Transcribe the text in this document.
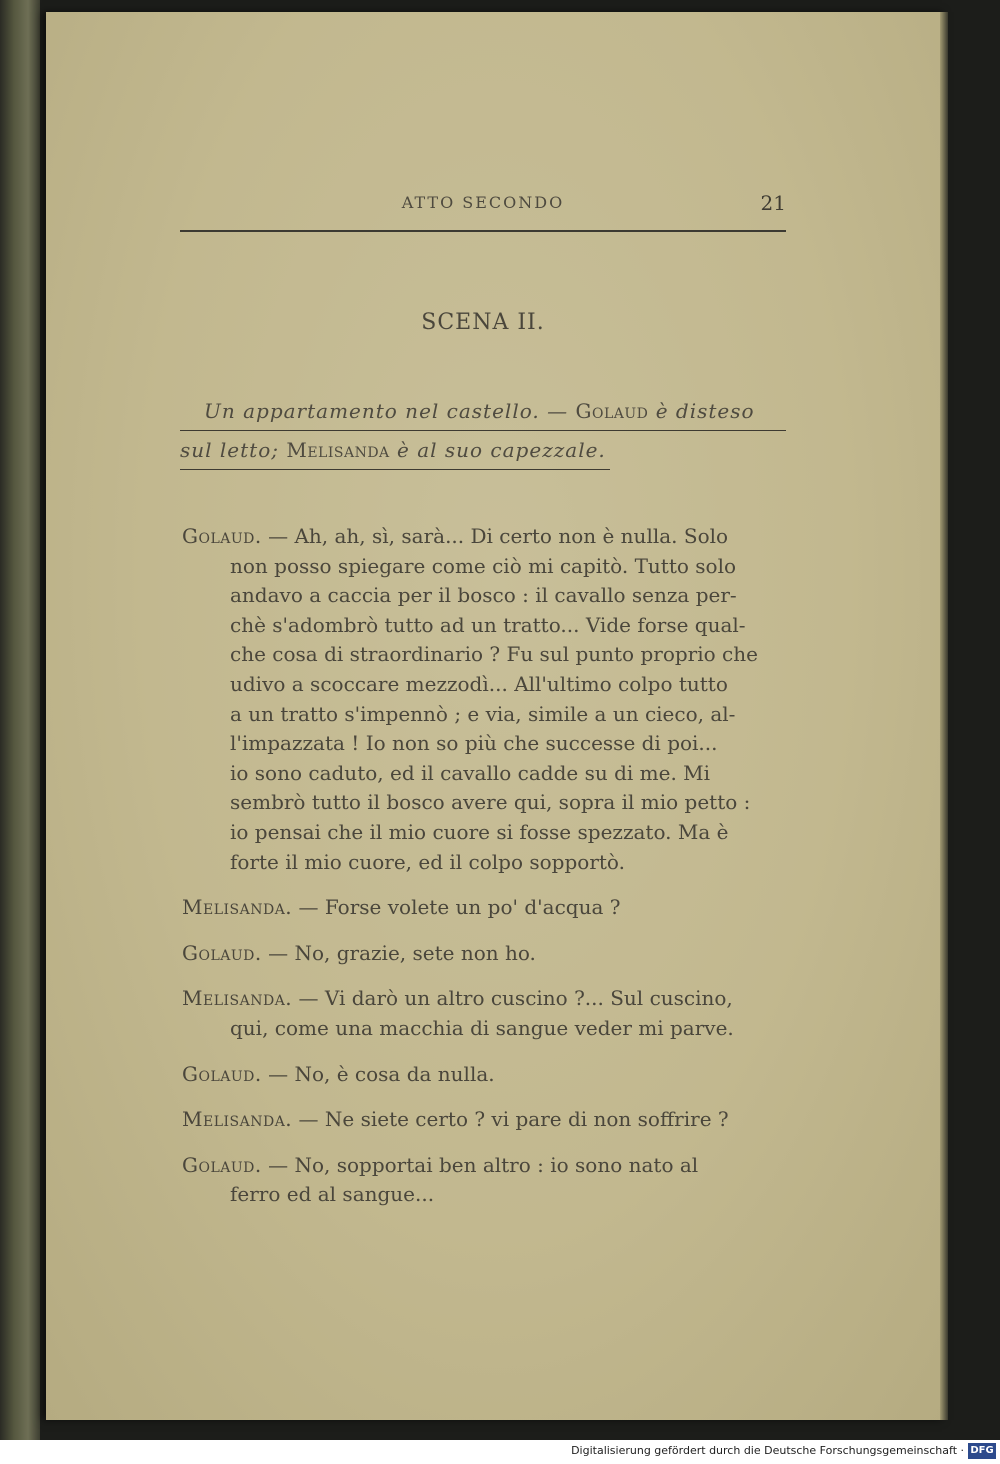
ATTO SECONDO	21
SCENA II.
Un appartamento nel castello. — Golaud è disteso
sul letto; Melisanda è al suo capezzale.

Golaud. — Ah, ah, sì, sarà... Di certo non è nulla. Solo

non posso spiegare come ciò mi capitò. Tutto solo

andavo a caccia per il bosco : il cavallo senza per-

chè s'adombrò tutto ad un tratto... Vide forse qual-

che cosa di straordinario ? Fu sul punto proprio che

udivo a scoccare mezzodì... All'ultimo colpo tutto

a un tratto s'impennò ; e via, simile a un cieco, al-

l'impazzata ! Io non so più che successe di poi...

io sono caduto, ed il cavallo cadde su di me. Mi

sembrò tutto il bosco avere qui, sopra il mio petto :

io pensai che il mio cuore si fosse spezzato. Ma è

forte il mio cuore, ed il colpo sopportò.

Melisanda. — Forse volete un po' d'acqua ?

Golaud. — No, grazie, sete non ho.

Melisanda. — Vi darò un altro cuscino ?... Sul cuscino,

qui, come una macchia di sangue veder mi parve.

Golaud. — No, è cosa da nulla.

Melisanda. — Ne siete certo ? vi pare di non soffrire ?

Golaud. — No, sopportai ben altro : io sono nato al

ferro ed al sangue...

Digitalisierung gefördert durch die Deutsche Forschungsgemeinschaft · DFG
